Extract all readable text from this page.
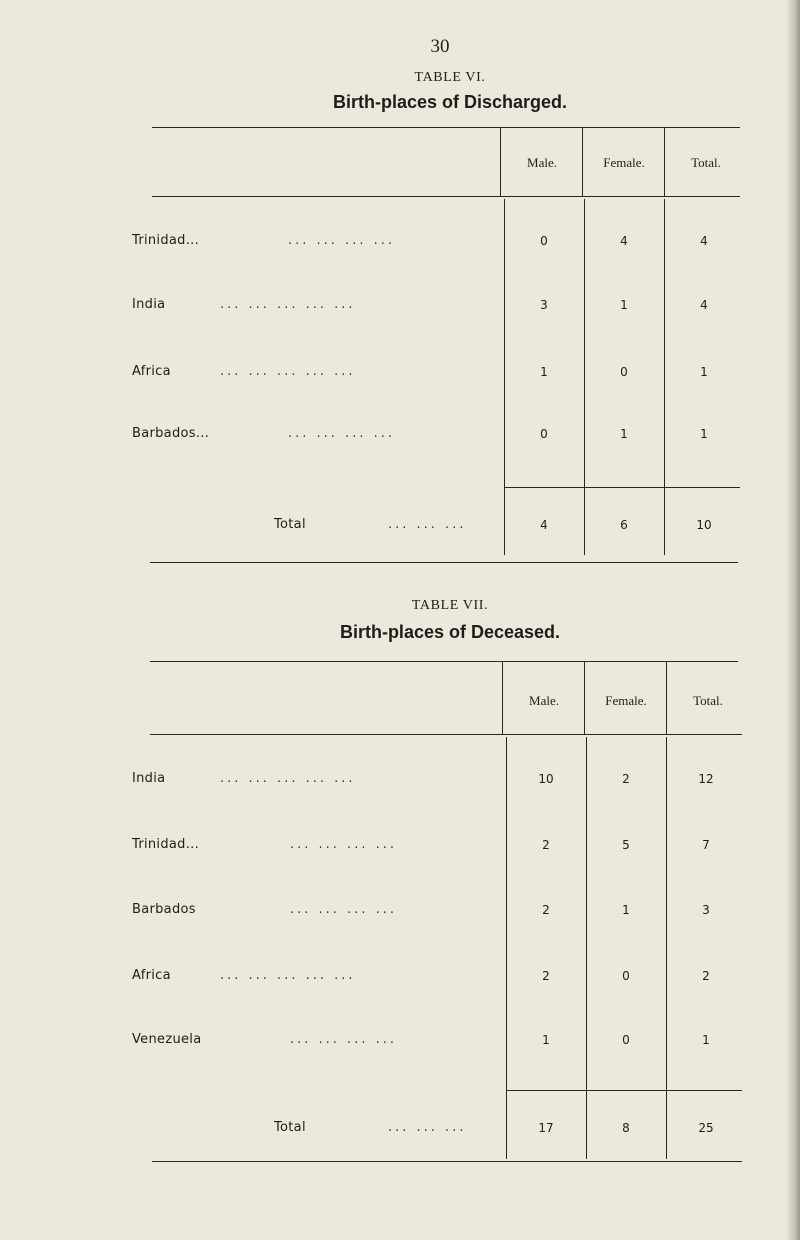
30
TABLE VI.
Birth-places of Discharged.
Male.	Female.	Total.
Trinidad...	... ... ... ...	0	4	4
India	... ... ... ... ...	3	1	4
Africa	... ... ... ... ...	1	0	1
Barbados...	... ... ... ...	0	1	1
Total	... ... ...	4	6	10
TABLE VII.
Birth-places of Deceased.
Male.	Female.	Total.
India	... ... ... ... ...	10	2	12
Trinidad...	... ... ... ...	2	5	7
Barbados	... ... ... ...	2	1	3
Africa	... ... ... ... ...	2	0	2
Venezuela	... ... ... ...	1	0	1
Total	... ... ...	17	8	25
